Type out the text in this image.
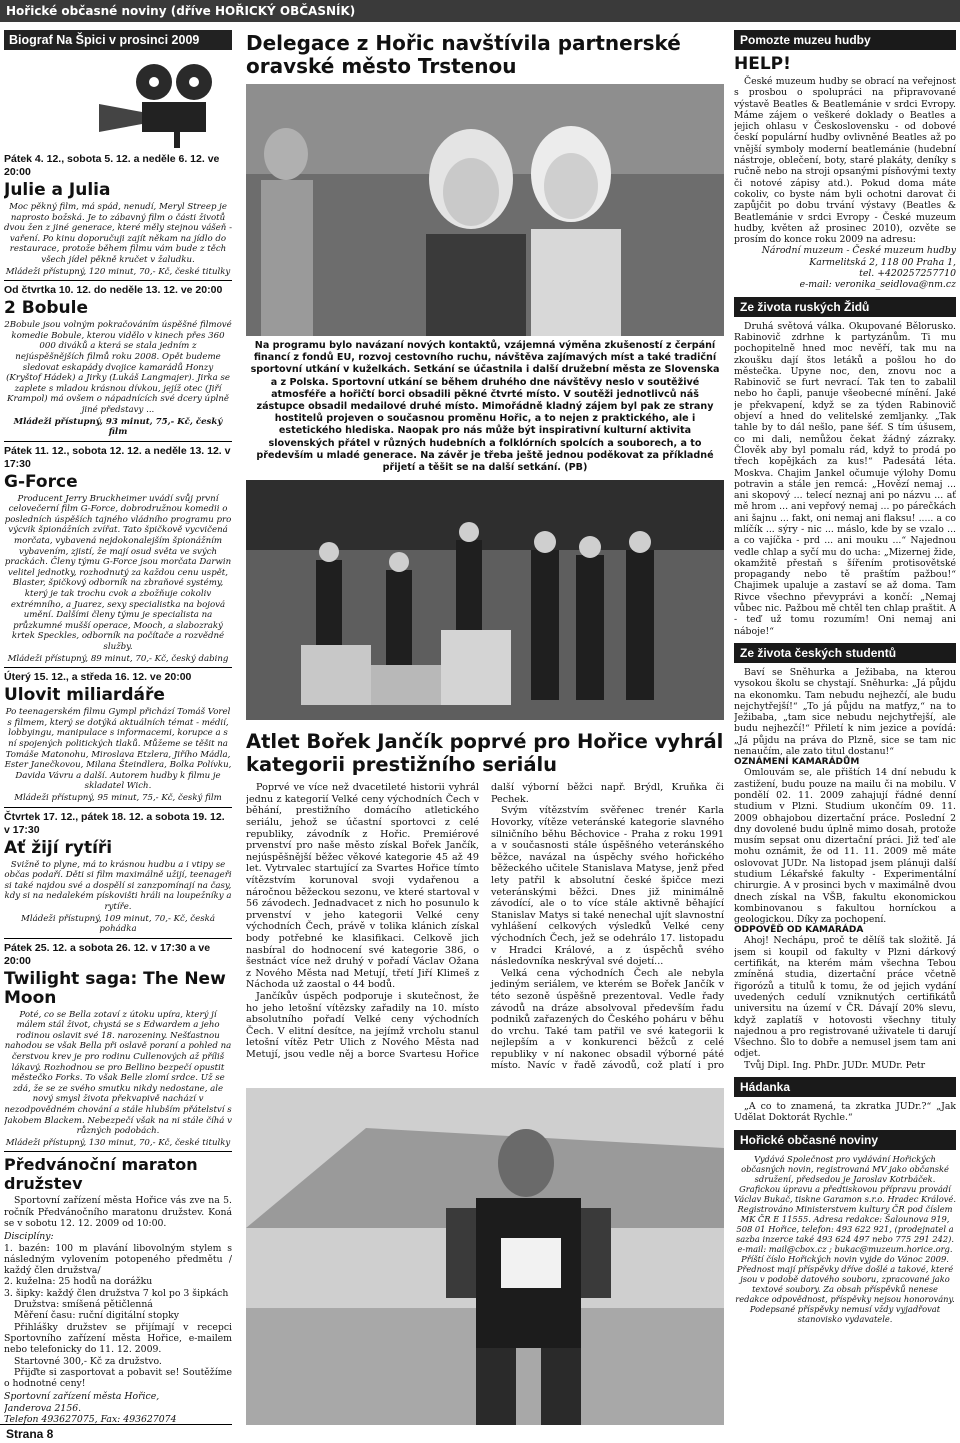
Hořické občasné noviny (dříve HOŘICKÝ OBČASNÍK)
Biograf Na Špici v prosinci 2009
Pátek 4. 12., sobota 5. 12. a neděle 6. 12. ve 20:00
Julie a Julia

Moc pěkný film, má spád, nenudí, Meryl Streep je naprosto božská. Je to zábavný film o části životů dvou žen z jiné generace, které měly stejnou vášeň - vaření. Po kinu doporučuji zajít někam na jídlo do restaurace, protože během filmu vám bude z těch všech jídel pěkně kručet v žaludku.

Mládeži přístupný, 120 minut, 70,- Kč, české titulky

Od čtvrtka 10. 12. do neděle 13. 12. ve 20:00
2 Bobule

2Bobule jsou volným pokračováním úspěšné filmové komedie Bobule, kterou vidělo v kinech přes 360 000 diváků a která se stala jedním z nejúspěšnějších filmů roku 2008. Opět budeme sledovat eskapády dvojice kamarádů Honzy (Kryštof Hádek) a Jirky (Lukáš Langmajer). Jirka se zaplete s mladou krásnou dívkou, jejíž otec (Jiří Krampol) má ovšem o nápadnících své dcery úplně jiné představy ...

Mládeži přístupný, 93 minut, 75,- Kč, český film

Pátek 11. 12., sobota 12. 12. a neděle 13. 12. v 17:30
G-Force

Producent Jerry Bruckheimer uvádí svůj první celovečerní film G-Force, dobrodružnou komedii o posledních úspěších tajného vládního programu pro výcvik špionážních zvířat. Tato špičkově vycvičená morčata, vybavená nejdokonalejším špionážním vybavením, zjistí, že mají osud světa ve svých prackách. Členy týmu G-Force jsou morčata Darwin velitel jednotky, rozhodnutý za každou cenu uspět, Blaster, špičkový odborník na zbraňové systémy, který je tak trochu cvok a zbožňuje cokoliv extrémního, a Juarez, sexy specialistka na bojová umění. Dalšími členy týmu je specialista na průzkumné mušší operace, Mooch, a slabozraký krtek Speckles, odborník na počítače a rozvědné služby.

Mládeži přístupný, 89 minut, 70,- Kč, český dabing

Úterý 15. 12., a středa 16. 12. ve 20:00
Ulovit miliardáře

Po teenagerském filmu Gympl přichází Tomáš Vorel s filmem, který se dotýká aktuálních témat - médií, lobbyingu, manipulace s informacemi, korupce a s ní spojených politických tlaků. Můžeme se těšit na Tomáše Matonohu, Miroslava Etzlera, Jiřího Mádla, Ester Janečkovou, Milana Šteindlera, Bolka Polívku, Davida Vávru a další. Autorem hudby k filmu je skladatel Wich.

Mládeži přístupný, 95 minut, 75,- Kč, český film

Čtvrtek 17. 12., pátek 18. 12. a sobota 19. 12. v 17:30
Ať žijí rytíři

Svižně to plyne, má to krásnou hudbu a i vtipy se občas podaří. Děti si film maximálně užijí, teenageři si také najdou své a dospělí si zanzpomínají na časy, kdy si na nedalekém pískovišti hráli na loupežníky a rytíře.

Mládeži přístupný, 109 minut, 70,- Kč, česká pohádka

Pátek 25. 12. a sobota 26. 12. v 17:30 a ve 20:00
Twilight saga: The New Moon

Poté, co se Bella zotaví z útoku upíra, který jí málem stál život, chystá se s Edwardem a jeho rodinou oslavit své 18. narozeniny. Nešťastnou nahodou se však Bella při oslavě poraní a pohled na čerstvou krev je pro rodinu Cullenových až příliš lákavý. Rozhodnou se pro Bellino bezpečí opustit městečko Forks. To však Belle zlomí srdce. Už se zdá, že se ze svého smutku nikdy nedostane, ale nový smysl života překvapivě nachází v nezodpovědném chování a stále hlubším přátelství s Jakobem Blackem. Nebezpečí však na ni stále číhá v různých podobách.

Mládeži přístupný, 130 minut, 70,- Kč, české titulky

Předvánoční maraton družstev

Sportovní zařízení města Hořice vás zve na 5. ročník Předvánočního maratonu družstev. Koná se v sobotu 12. 12. 2009 od 10:00.

Disciplíny:
1. bazén: 100 m plavání libovolným stylem s následným vylovením potopeného předmětu / každý člen družstva/
2. kuželna: 25 hodů na dorážku
3. šipky: každý člen družstva 7 kol po 3 šipkách

Družstva: smíšená pětičlenná

Měření času: ruční digitální stopky

Přihlášky družstev se přijímají v recepci Sportovního zařízení města Hořice, e-mailem nebo telefonicky do 11. 12. 2009.

Startovné 300,- Kč za družstvo.

Přijďte si zasportovat a pobavit se! Soutěžíme o hodnotné ceny!

Sportovní zařízení města Hořice,
Janderova 2156.
Telefon 493627075, Fax: 493627074
Delegace z Hořic navštívila partnerské oravské město Trstenou
Na programu bylo navázaní nových kontaktů, vzájemná výměna zkušeností z čerpání financí z fondů EU, rozvoj cestovního ruchu, návštěva zajímavých míst a také tradiční sportovní utkání v kuželkách. Setkání se účastnila i další družební města ze Slovenska a z Polska. Sportovní utkání se během druhého dne návštěvy neslo v soutěživé atmosféře a hořičtí borci obsadili pěkné čtvrté místo. V soutěži jednotlivců náš zástupce obsadil medailové druhé místo. Mimořádně kladný zájem byl pak ze strany hostitelů projeven o současnou proměnu Hořic, a to nejen z praktického, ale i estetického hlediska. Naopak pro nás může být inspirativní kulturní aktivita slovenských přátel v různých hudebních a folklórních spolcích a souborech, a to především u mladé generace. Na závěr je třeba ještě jednou poděkovat za příkladné přijetí a těšit se na další setkání. (PB)
Atlet Bořek Jančík poprvé pro Hořice vyhrál kategorii prestižního seriálu

Poprvé ve více než dvacetileté historii vyhrál jednu z kategorií Velké ceny východních Čech v běhání, prestižního domácího atletického seriálu, jehož se účastní sportovci z celé republiky, závodník z Hořic. Premiérové prvenství pro naše město získal Bořek Jančík, nejúspěšnější běžec věkové kategorie 45 až 49 let. Vytrvalec startující za Svartes Hořice tímto vítězstvím korunoval svoji vydařenou a náročnou běžeckou sezonu, ve které startoval v 56 závodech. Jednadvacet z nich ho posunulo k prvenství v jeho kategorii Velké ceny východních Čech, právě v tolika klánich získal body potřebné ke klasifikaci. Celkově jich nasbíral do hodnocení své kategorie 386, o šestnáct více než druhý v pořadí Václav Ožana z Nového Města nad Metují, třetí Jiří Klimeš z Náchoda už zaostal o 44 bodů.

Jančíkův úspěch podporuje i skutečnost, že ho jeho letošní vítězsky zařadily na 10. místo absolutního pořadí Velké ceny východních Čech. V elitní desítce, na jejímž vrcholu stanul letošní vítěz Petr Ulich z Nového Města nad Metují, jsou vedle něj a borce Svartesu Hořice další výborní běžci např. Brýdl, Kruňka či Pechek.

Svým vítězstvím svěřenec trenér Karla Hovorky, vítěze veteránské kategorie slavného silničního běhu Běchovice - Praha z roku 1991 a v současnosti stále úspěšného veteránského běžce, navázal na úspěchy svého hořického běžeckého učitele Stanislava Matyse, jenž před lety patřil k absolutní české špičce mezi veteránskými běžci. Dnes již minimálně závodící, ale o to více stále aktivně běhající Stanislav Matys si také nenechal ujít slavnostní vyhlášení celkových výsledků Velké ceny východních Čech, jež se odehrálo 17. listopadu v Hradci Králové, a z úspěchů svého následovníka neskrýval své dojetí...

Velká cena východních Čech ale nebyla jediným seriálem, ve kterém se Bořek Jančík v této sezoně úspěšně prezentoval. Vedle řady závodů na dráze absolvoval především řadu podniků zařazených do Českého poháru v běhu do vrchu. Také tam patřil ve své kategorii k nejlepším a v konkurenci běžců z celé republiky v ní nakonec obsadil výborné páté místo. Navíc v řadě závodů, což platí i pro

Pomozte muzeu hudby
HELP!

České muzeum hudby se obrací na veřejnost s prosbou o spolupráci na připravované výstavě Beatles & Beatlemánie v srdci Evropy. Máme zájem o veškeré doklady o Beatles a jejich ohlasu v Československu - od dobové českí populární hudby ovlivněné Beatles až po vnější symboly moderní beatlemánie (hudební nástroje, oblečení, boty, staré plakáty, deníky s ručně nebo na stroji opsanými písňovými texty či notové zápisy atd.). Pokud doma máte cokoliv, co byste nám byli ochotni darovat či zapůjčit po dobu trvání výstavy (Beatles & Beatlemánie v srdci Evropy - České muzeum hudby, květen až prosinec 2010), ozvěte se prosím do konce roku 2009 na adresu:

Národní muzeum - České muzeum hudby
Karmelitská 2, 118 00 Praha 1,
tel. +420257257710
e-mail: veronika_seidlova@nm.cz
Ze života ruských Židů

Druhá světová válka. Okupované Bělorusko. Rabinovič zdrhne k partyzánům. Ti mu pochopitelně hned moc nevěří, tak mu na zkoušku dají štos letáků a pošlou ho do městečka. Upyne noc, den, znovu noc a Rabinovič se furt nevrací. Tak ten to zabalil nebo ho čapli, panuje všeobecné mínění. Jaké je překvapení, když se za týden Rabinovič objeví a hned do velitelské zemljanky. „Tak tahle by to dál nešlo, pane šéf. S tím úšusem, co mi dali, nemůžou čekat žádný zázraky. Člověk aby byl pomalu rád, když to prodá po třech kopějkách za kus!“ Padesátá léta. Moskva. Chajim Jankel očumuje výlohy Domu potravin a stále jen remcá: „Hovězí nemaj ... ani skopový ... telecí neznaj ani po názvu ... ať mě hrom ... ani vepřový nemaj ... po párečkách ani šajnu ... fakt, oni nemaj ani flaksu! ..... a co mlíčík ... sýry - nic ... máslo, kde by se vzalo ... a co vajíčka - prd ... ani mouku ...“ Najednou vedle chlap a syčí mu do ucha: „Mizernej žide, okamžitě přestaň s šířením protisovětské propagandy nebo tě praštím pažbou!“ Chajimek upaluje a zastaví se až doma. Tam Rivce všechno převyprávi a končí: „Nemaj vůbec nic. Pažbou mě chtěl ten chlap praštit. A - teď už tomu rozumím! Oni nemaj ani náboje!“

Ze života českých studentů

Baví se Sněhurka a Ježibaba, na kterou vysokou školu se chystají. Sněhurka: „Já půjdu na ekonomku. Tam nebudu nejhezčí, ale budu nejchytřejší!“ „To já půjdu na matfyz,“ na to Ježibaba, „tam sice nebudu nejchytřejší, ale budu nejhezčí!“ Přiletí k nim jezice a povídá: „Já půjdu na práva do Plzně, sice se tam nic nenaučím, ale zato titul dostanu!“

OZNÁMENÍ KAMARÁDŮM

Omlouvám se, ale přištích 14 dní nebudu k zastižení, budu pouze na mailu či na mobilu. V pondělí 02. 11. 2009 zahajují řádné denní studium v Plzni. Studium ukončím 09. 11. 2009 obhajobou dizertační práce. Poslední 2 dny dovolené budu úplně mimo dosah, protože musím sepsat onu dizertační práci. Již teď ale mohu oznámit, že od 11. 11. 2009 mě máte oslovovat JUDr. Na listopad jsem plánuji další studium Lékařské fakulty - Experimentální chirurgie. A v prosinci bych v maximálně dvou dnech získal na VŠB, fakultu ekonomickou kombinovanou s fakultou horníckou a geologickou. Díky za pochopení.

ODPOVĚĎ OD KAMARÁDA

Ahoj! Nechápu, proč te dělíš tak složitě. Já jsem si koupil od fakulty v Plzni dárkový certifikát, na kterém mám všechna Tebou zmíněná studia, dizertační práce včetně řigorózů a titulů k tomu, že od jejich vydání uvedených cedulí vzniknutých certifikátů universitu na území v ČR. Dávají 20% slevu, když zaplatíš v hotovosti všechny tituly najednou a pro registrované uživatele ti darují Všechno. Šlo to dobře a nemusel jsem tam ani odjet.

Tvůj Dipl. Ing. PhDr. JUDr. MUDr. Petr

Hádanka

„A co to znamená, ta zkratka JUDr.?“ „Jak Udělat Doktorát Rychle.“

Hořické občasné noviny
Vydává Společnost pro vydávání Hořických občasných novin, registrovaná MV jako občanské sdružení, předsedou je Jaroslav Kotrbáček. Grafickou úpravu a předtiskovou přípravu provádí Václav Bukač, tiskne Garamon s.r.o. Hradec Králové. Registrováno Ministerstvem kultury ČR pod číslem MK ČR E 11555. Adresa redakce: Šalounova 919, 508 01 Hořice, telefon: 493 622 921, (prodejnatel a sazba inzerce také 493 624 497 nebo 775 291 242). e-mail: mail@cbox.cz ; bukac@muzeum.horice.org. Příští číslo Hořických novin vyjde do Vánoc 2009. Přednost mají příspěvky dříve došlé a takové, které jsou v podobě datového souboru, zpracované jako textové soubory. Za obsah příspěvků nenese redakce odpovědnost, příspěvky nejsou honorovány. Podepsané příspěvky nemusí vždy vyjadřovat stanovisko vydavatele.
Strana 8
